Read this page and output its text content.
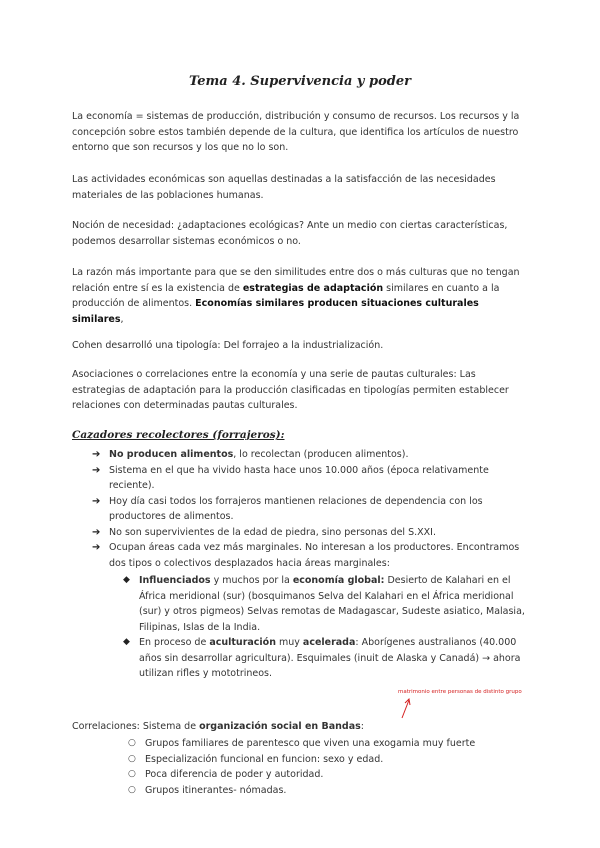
Tema 4. Supervivencia y poder
La economía = sistemas de producción, distribución y consumo de recursos. Los recursos y la concepción sobre estos también depende de la cultura, que identifica los artículos de nuestro entorno que son recursos y los que no lo son.
Las actividades económicas son aquellas destinadas a la satisfacción de las necesidades materiales de las poblaciones humanas.
Noción de necesidad: ¿adaptaciones ecológicas? Ante un medio con ciertas características, podemos desarrollar sistemas económicos o no.
La razón más importante para que se den similitudes entre dos o más culturas que no tengan relación entre sí es la existencia de estrategias de adaptación similares en cuanto a la producción de alimentos. Economías similares producen situaciones culturales similares,
Cohen desarrolló una tipología: Del forrajeo a la industrialización.
Asociaciones o correlaciones entre la economía y una serie de pautas culturales: Las estrategias de adaptación para la producción clasificadas en tipologías permiten establecer relaciones con determinadas pautas culturales.
Cazadores recolectores (forrajeros):
➔ No producen alimentos, lo recolectan (producen alimentos).
➔ Sistema en el que ha vivido hasta hace unos 10.000 años (época relativamente reciente).
➔ Hoy día casi todos los forrajeros mantienen relaciones de dependencia con los productores de alimentos.
➔ No son supervivientes de la edad de piedra, sino personas del S.XXI.
➔ Ocupan áreas cada vez más marginales. No interesan a los productores. Encontramos dos tipos o colectivos desplazados hacia áreas marginales:
◆ Influenciados y muchos por la economía global: Desierto de Kalahari en el África meridional (sur) (bosquimanos Selva del Kalahari en el África meridional (sur) y otros pigmeos) Selvas remotas de Madagascar, Sudeste asiatico, Malasia, Filipinas, Islas de la India.
◆ En proceso de aculturación muy acelerada: Aborígenes australianos (40.000 años sin desarrollar agricultura). Esquimales (inuit de Alaska y Canadá) → ahora utilizan rifles y mototrineos.
Correlaciones: Sistema de organización social en Bandas:
matrimonio entre personas de distinto grupo
○ Grupos familiares de parentesco que viven una exogamia muy fuerte
○ Especialización funcional en funcion: sexo y edad.
○ Poca diferencia de poder y autoridad.
○ Grupos itinerantes- nómadas.
